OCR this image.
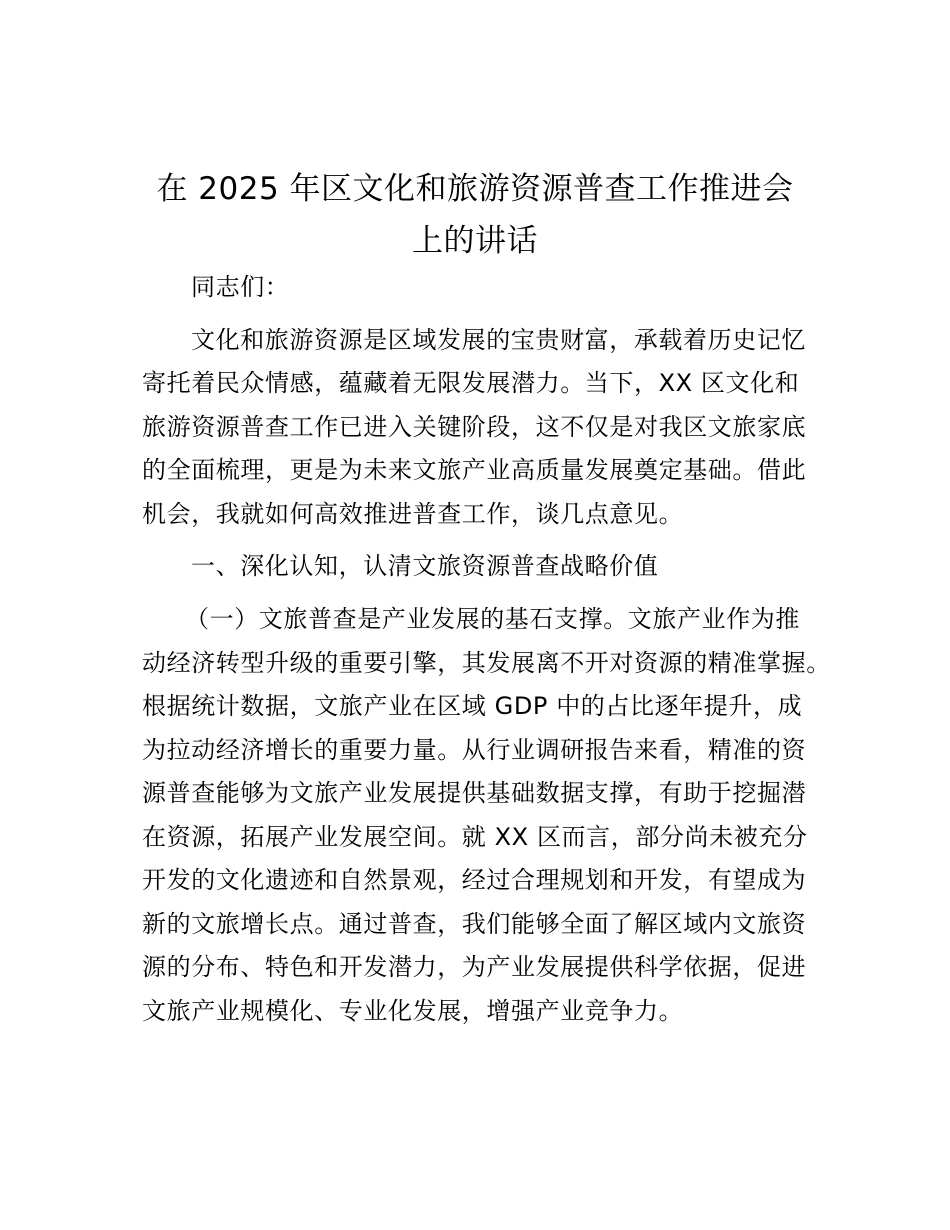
在 2025 年区文化和旅游资源普查工作推进会
上的讲话
同志们：
文化和旅游资源是区域发展的宝贵财富，承载着历史记忆
寄托着民众情感，蕴藏着无限发展潜力。当下，XX 区文化和
旅游资源普查工作已进入关键阶段，这不仅是对我区文旅家底
的全面梳理，更是为未来文旅产业高质量发展奠定基础。借此
机会，我就如何高效推进普查工作，谈几点意见。
一、深化认知，认清文旅资源普查战略价值
（一）文旅普查是产业发展的基石支撑。文旅产业作为推
动经济转型升级的重要引擎，其发展离不开对资源的精准掌握。
根据统计数据，文旅产业在区域 GDP 中的占比逐年提升，成
为拉动经济增长的重要力量。从行业调研报告来看，精准的资
源普查能够为文旅产业发展提供基础数据支撑，有助于挖掘潜
在资源，拓展产业发展空间。就 XX 区而言，部分尚未被充分
开发的文化遗迹和自然景观，经过合理规划和开发，有望成为
新的文旅增长点。通过普查，我们能够全面了解区域内文旅资
源的分布、特色和开发潜力，为产业发展提供科学依据，促进
文旅产业规模化、专业化发展，增强产业竞争力。
